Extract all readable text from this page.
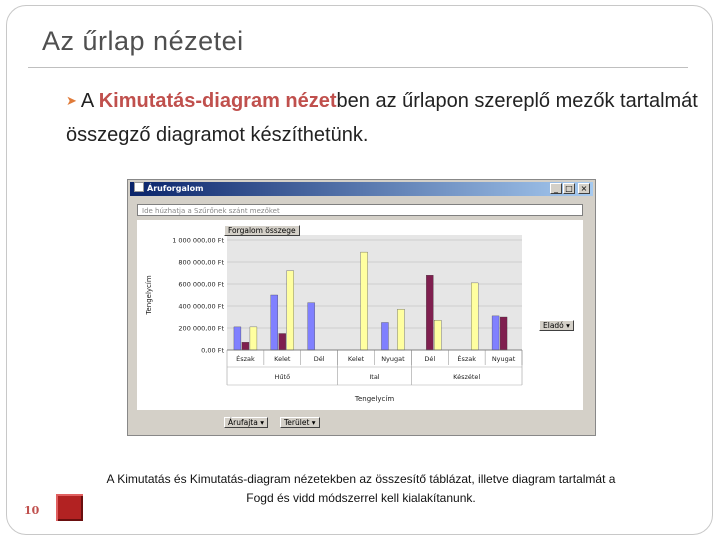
Az űrlap nézetei
➤ A Kimutatás-diagram nézetben az űrlapon szereplő mezők tartalmát összegző diagramot készíthetünk.
Áruforgalom	_ □ ×
Ide húzhatja a Szűrőnek szánt mezőket
0,00 Ft
200 000,00 Ft
400 000,00 Ft
600 000,00 Ft
800 000,00 Ft
1 000 000,00 Ft
Tengelycím
Észak	Kelet	Dél	Kelet	Nyugat	Dél	Észak Nyugat
Hűtő	Ital	Készétel
Tengelycím
Forgalom összege
Eladó ▾
Árufajta ▾	Terület ▾
A Kimutatás és Kimutatás-diagram nézetekben az összesítő táblázat, illetve diagram tartalmát a Fogd és vidd módszerrel kell kialakítanunk.
10
